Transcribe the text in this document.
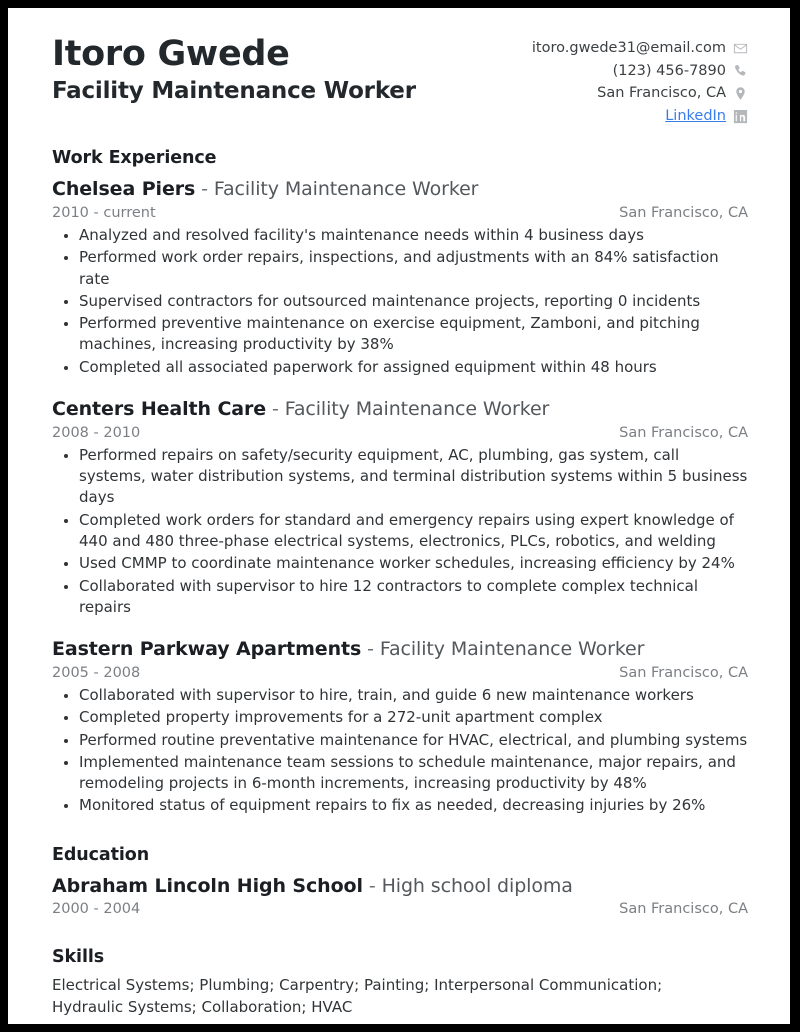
Itoro Gwede
Facility Maintenance Worker
itoro.gwede31@email.com
(123) 456-7890
San Francisco, CA
LinkedIn
Work Experience
Chelsea Piers - Facility Maintenance Worker
2010 - current	San Francisco, CA
Analyzed and resolved facility's maintenance needs within 4 business days
Performed work order repairs, inspections, and adjustments with an 84% satisfaction rate
Supervised contractors for outsourced maintenance projects, reporting 0 incidents
Performed preventive maintenance on exercise equipment, Zamboni, and pitching machines, increasing productivity by 38%
Completed all associated paperwork for assigned equipment within 48 hours
Centers Health Care - Facility Maintenance Worker
2008 - 2010	San Francisco, CA
Performed repairs on safety/security equipment, AC, plumbing, gas system, call systems, water distribution systems, and terminal distribution systems within 5 business days
Completed work orders for standard and emergency repairs using expert knowledge of 440 and 480 three-phase electrical systems, electronics, PLCs, robotics, and welding
Used CMMP to coordinate maintenance worker schedules, increasing efficiency by 24%
Collaborated with supervisor to hire 12 contractors to complete complex technical repairs
Eastern Parkway Apartments - Facility Maintenance Worker
2005 - 2008	San Francisco, CA
Collaborated with supervisor to hire, train, and guide 6 new maintenance workers
Completed property improvements for a 272-unit apartment complex
Performed routine preventative maintenance for HVAC, electrical, and plumbing systems
Implemented maintenance team sessions to schedule maintenance, major repairs, and remodeling projects in 6-month increments, increasing productivity by 48%
Monitored status of equipment repairs to fix as needed, decreasing injuries by 26%
Education
Abraham Lincoln High School - High school diploma
2000 - 2004	San Francisco, CA
Skills
Electrical Systems; Plumbing; Carpentry; Painting; Interpersonal Communication; Hydraulic Systems; Collaboration; HVAC
